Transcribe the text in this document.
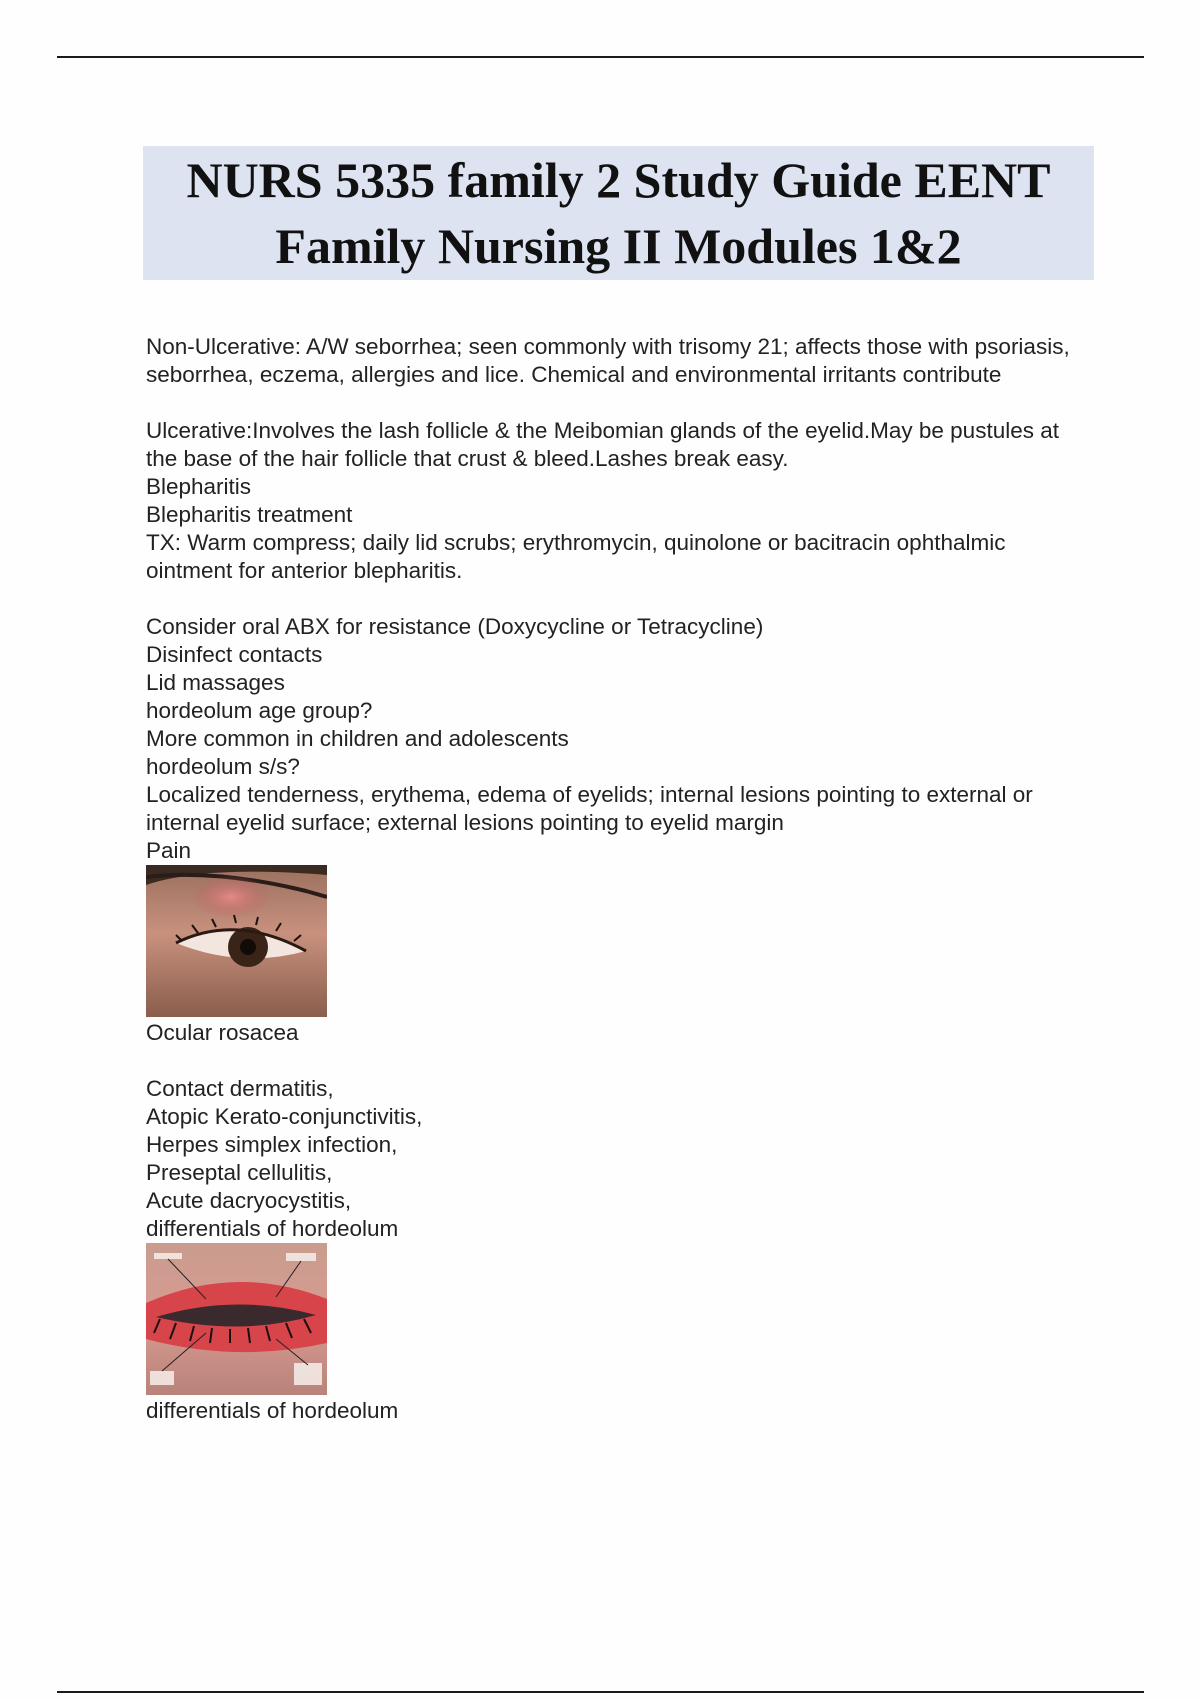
NURS 5335 family 2 Study Guide EENT
Family Nursing II Modules 1&2
Non-Ulcerative: A/W seborrhea; seen commonly with trisomy 21; affects those with psoriasis, seborrhea, eczema, allergies and lice. Chemical and environmental irritants contribute
Ulcerative:Involves the lash follicle & the Meibomian glands of the eyelid.May be pustules at the base of the hair follicle that crust & bleed.Lashes break easy.
Blepharitis
Blepharitis treatment
TX: Warm compress; daily lid scrubs; erythromycin, quinolone or bacitracin ophthalmic ointment for anterior blepharitis.
Consider oral ABX for resistance (Doxycycline or Tetracycline)
Disinfect contacts
Lid massages
hordeolum age group?
More common in children and adolescents
hordeolum s/s?
Localized tenderness, erythema, edema of eyelids; internal lesions pointing to external or internal eyelid surface; external lesions pointing to eyelid margin
Pain
Ocular rosacea
Contact dermatitis,
Atopic Kerato-conjunctivitis,
Herpes simplex infection,
Preseptal cellulitis,
Acute dacryocystitis,
differentials of hordeolum
differentials of hordeolum
